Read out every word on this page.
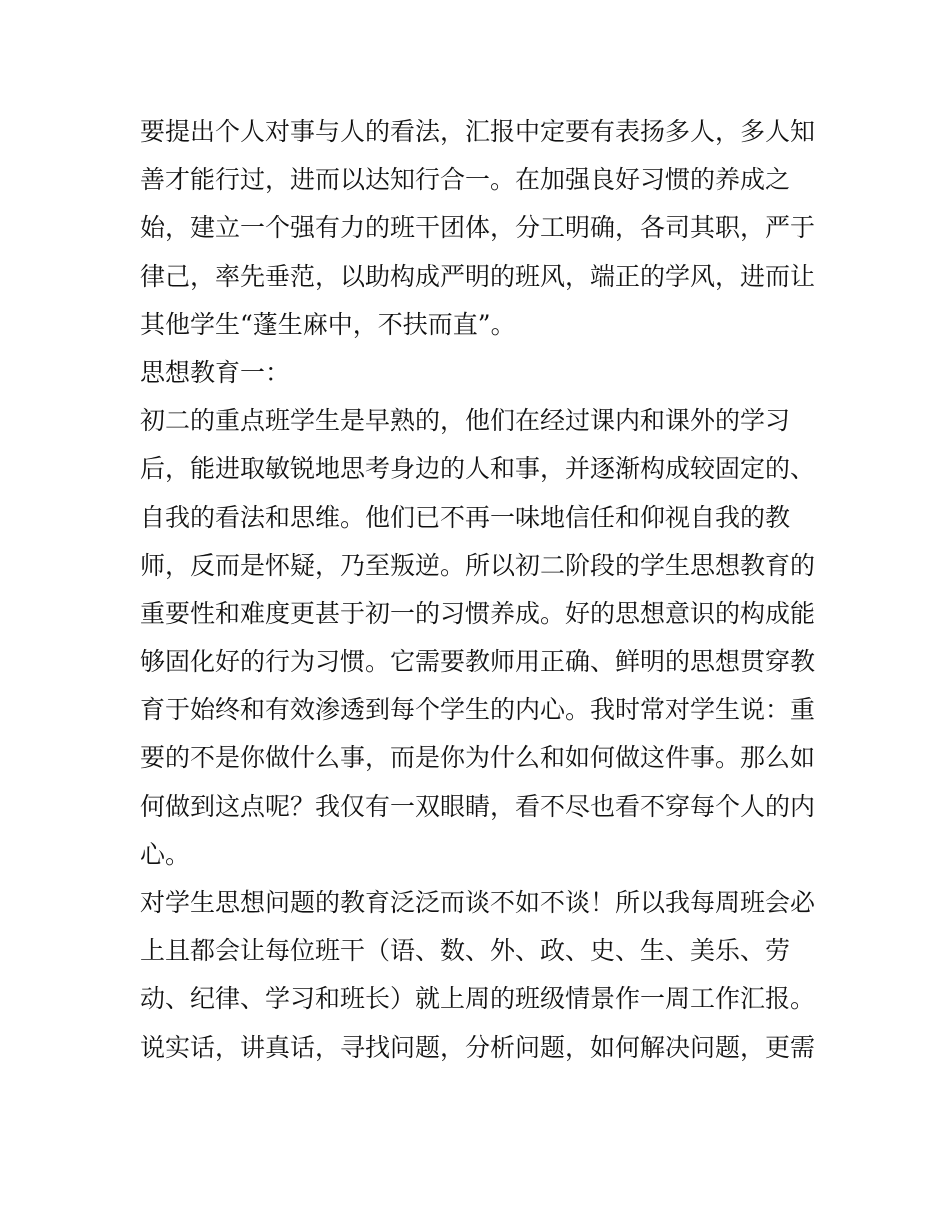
要提出个人对事与人的看法，汇报中定要有表扬多人，多人知
善才能行过，进而以达知行合一。在加强良好习惯的养成之
始，建立一个强有力的班干团体，分工明确，各司其职，严于
律己，率先垂范，以助构成严明的班风，端正的学风，进而让
其他学生“蓬生麻中，不扶而直”。
思想教育一：
初二的重点班学生是早熟的，他们在经过课内和课外的学习
后，能进取敏锐地思考身边的人和事，并逐渐构成较固定的、
自我的看法和思维。他们已不再一味地信任和仰视自我的教
师，反而是怀疑，乃至叛逆。所以初二阶段的学生思想教育的
重要性和难度更甚于初一的习惯养成。好的思想意识的构成能
够固化好的行为习惯。它需要教师用正确、鲜明的思想贯穿教
育于始终和有效渗透到每个学生的内心。我时常对学生说：重
要的不是你做什么事，而是你为什么和如何做这件事。那么如
何做到这点呢？我仅有一双眼睛，看不尽也看不穿每个人的内
心。
对学生思想问题的教育泛泛而谈不如不谈！所以我每周班会必
上且都会让每位班干（语、数、外、政、史、生、美乐、劳
动、纪律、学习和班长）就上周的班级情景作一周工作汇报。
说实话，讲真话，寻找问题，分析问题，如何解决问题，更需
